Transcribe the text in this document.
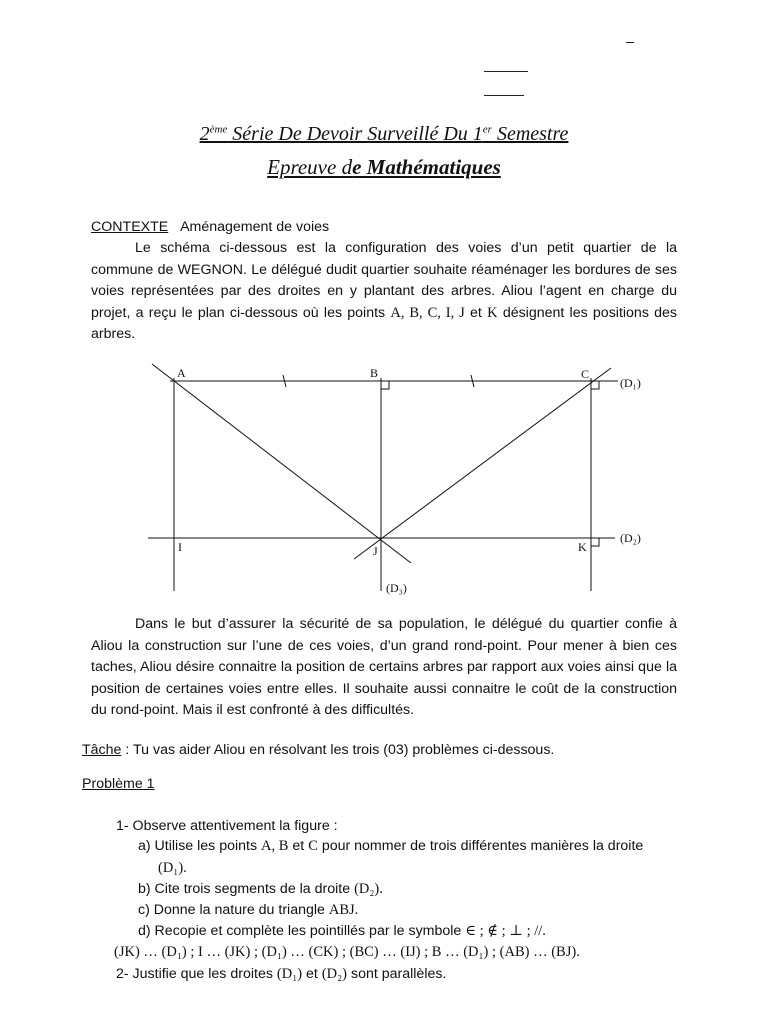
2ème Série De Devoir Surveillé Du 1er Semestre
Epreuve de Mathématiques
CONTEXTE Aménagement de voies
Le schéma ci-dessous est la configuration des voies d’un petit quartier de la commune de WEGNON. Le délégué dudit quartier souhaite réaménager les bordures de ses voies représentées par des droites en y plantant des arbres. Aliou l’agent en charge du projet, a reçu le plan ci-dessous où les points A, B, C, I, J et K désignent les positions des arbres.
A	B	C
I	J	K
(D₁)
(D₂)
(D₃)
Dans le but d’assurer la sécurité de sa population, le délégué du quartier confie à Aliou la construction sur l’une de ces voies, d’un grand rond-point. Pour mener à bien ces taches, Aliou désire connaitre la position de certains arbres par rapport aux voies ainsi que la position de certaines voies entre elles. Il souhaite aussi connaitre le coût de la construction du rond-point. Mais il est confronté à des difficultés.
Tâche : Tu vas aider Aliou en résolvant les trois (03) problèmes ci-dessous.
Problème 1
1- Observe attentivement la figure :
a) Utilise les points A, B et C pour nommer de trois différentes manières la droite
(D₁).
b) Cite trois segments de la droite (D₂).
c) Donne la nature du triangle ABJ.
d) Recopie et complète les pointillés par le symbole ∈ ; ∉ ; ⊥ ; //.
(JK) … (D₁) ; I … (JK) ; (D₁) … (CK) ; (BC) … (IJ) ; B … (D₁) ; (AB) … (BJ).
2- Justifie que les droites (D₁) et (D₂) sont parallèles.
